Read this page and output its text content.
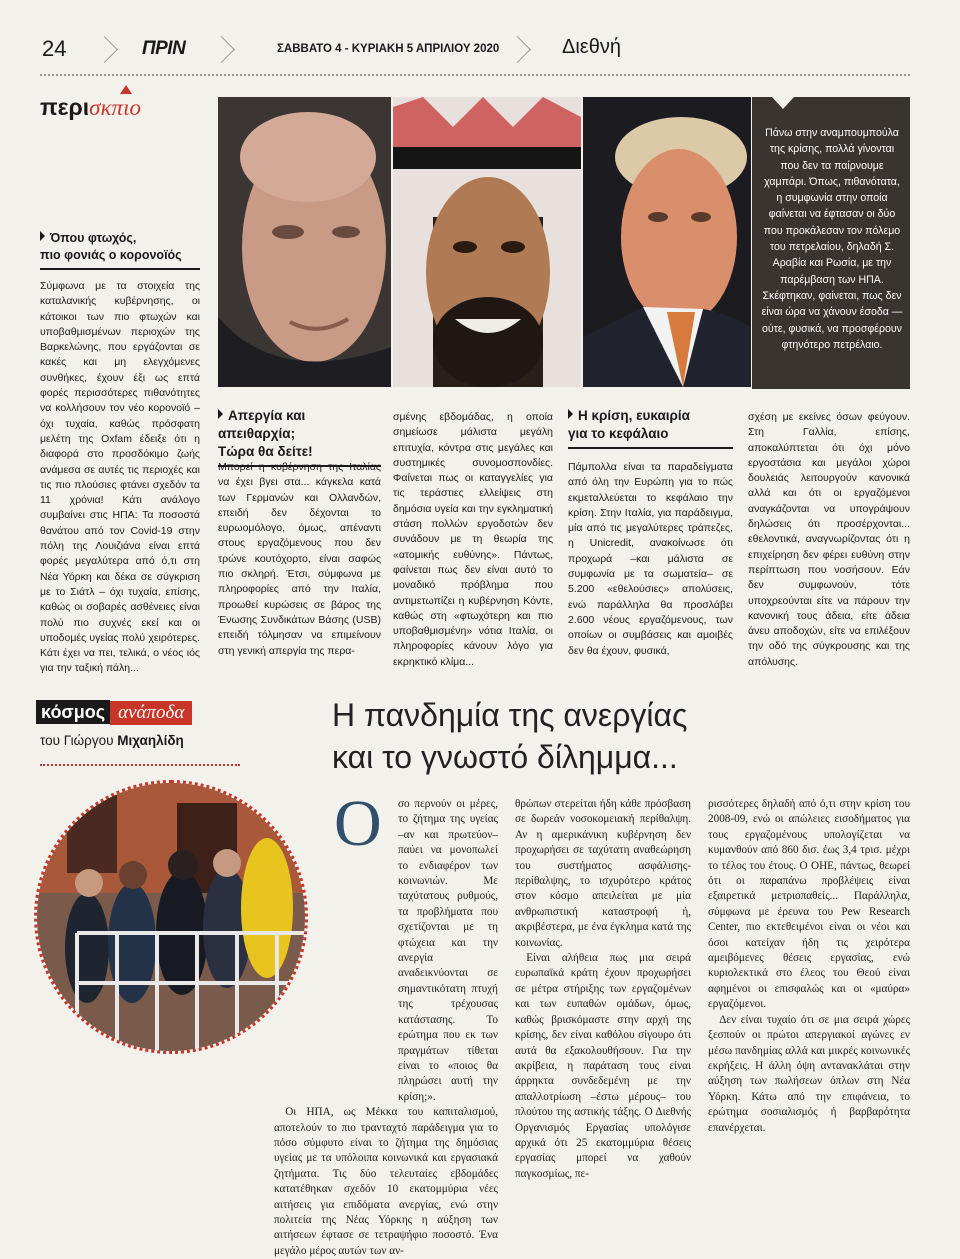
24	ΠΡΙΝ	ΣΑΒΒΑΤΟ 4 - ΚΥΡΙΑΚΗ 5 ΑΠΡΙΛΙΟΥ 2020	Διεθνή
περισκπιο
Όπου φτωχός,
πιο φονιάς ο κορονοϊός
Σύμφωνα με τα στοιχεία της καταλανικής κυβέρνησης, οι κάτοικοι των πιο φτωχών και υποβαθμισμένων περιοχών της Βαρκελώνης, που εργάζονται σε κακές και μη ελεγχόμενες συνθήκες, έχουν έξι ως επτά φορές περισσότερες πιθανότητες να κολλήσουν τον νέο κορονοϊό – όχι τυχαία, καθώς πρόσφατη μελέτη της Oxfam έδειξε ότι η διαφορά στο προσδόκιμο ζωής ανάμεσα σε αυτές τις περιοχές και τις πιο πλούσιες φτάνει σχεδόν τα 11 χρόνια! Κάτι ανάλογο συμβαίνει στις ΗΠΑ: Τα ποσοστά θανάτου από τον Covid-19 στην πόλη της Λουιζιάνα είναι επτά φορές μεγαλύτερα από ό,τι στη Νέα Υόρκη και δέκα σε σύγκριση με το Σιάτλ – όχι τυχαία, επίσης, καθώς οι σοβαρές ασθένειες είναι πολύ πιο συχνές εκεί και οι υποδομές υγείας πολύ χειρότερες. Κάτι έχει να πει, τελικά, ο νέος ιός για την ταξική πάλη...
Πάνω στην αναμπουμπούλα της κρίσης, πολλά γίνονται που δεν τα παίρνουμε χαμπάρι. Όπως, πιθανότατα, η συμφωνία στην οποία φαίνεται να έφτασαν οι δύο που προκάλεσαν τον πόλεμο του πετρελαίου, δηλαδή Σ. Αραβία και Ρωσία, με την παρέμβαση των ΗΠΑ. Σκέφτηκαν, φαίνεται, πως δεν είναι ώρα να χάνουν έσοδα — ούτε, φυσικά, να προσφέρουν φτηνότερο πετρέλαιο.
Απεργία και απειθαρχία;
Τώρα θα δείτε!
Μπορεί η κυβέρνηση της Ιταλίας να έχει βγει στα... κάγκελα κατά των Γερμανών και Ολλανδών, επειδή δεν δέχονται το ευρωομόλογο, όμως, απέναντι στους εργαζόμενους που δεν τρώνε κουτόχορτο, είναι σαφώς πιο σκληρή. Έτσι, σύμφωνα με πληροφορίες από την Ιταλία, προωθεί κυρώσεις σε βάρος της Ένωσης Συνδικάτων Βάσης (USB) επειδή τόλμησαν να επιμείνουν στη γενική απεργία της περα-
σμένης εβδομάδας, η οποία σημείωσε μάλιστα μεγάλη επιτυχία, κόντρα στις μεγάλες και συστημικές συνομοσπονδίες. Φαίνεται πως οι καταγγελίες για τις τεράστιες ελλείψεις στη δημόσια υγεία και την εγκληματική στάση πολλών εργοδοτών δεν συνάδουν με τη θεωρία της «ατομικής ευθύνης». Πάντως, φαίνεται πως δεν είναι αυτό το μοναδικό πρόβλημα που αντιμετωπίζει η κυβέρνηση Κόντε, καθώς στη «φτωχότερη και πιο υποβαθμισμένη» νότια Ιταλία, οι πληροφορίες κάνουν λόγο για εκρηκτικό κλίμα...
Η κρίση, ευκαιρία
για το κεφάλαιο
Πάμπολλα είναι τα παραδείγματα από όλη την Ευρώπη για το πώς εκμεταλλεύεται το κεφάλαιο την κρίση. Στην Ιταλία, για παράδειγμα, μία από τις μεγαλύτερες τράπεζες, η Unicredit, ανακοίνωσε ότι προχωρά –και μάλιστα σε συμφωνία με τα σωματεία– σε 5.200 «εθελούσιες» απολύσεις, ενώ παράλληλα θα προσλάβει 2.600 νέους εργαζόμενους, των οποίων οι συμβάσεις και αμοιβές δεν θα έχουν, φυσικά,
σχέση με εκείνες όσων φεύγουν. Στη Γαλλία, επίσης, αποκαλύπτεται ότι όχι μόνο εργοστάσια και μεγάλοι χώροι δουλειάς λειτουργούν κανονικά αλλά και ότι οι εργαζόμενοι αναγκάζονται να υπογράψουν δηλώσεις ότι προσέρχονται... εθελοντικά, αναγνωρίζοντας ότι η επιχείρηση δεν φέρει ευθύνη στην περίπτωση που νοσήσουν. Εάν δεν συμφωνούν, τότε υποχρεούνται είτε να πάρουν την κανονική τους άδεια, είτε άδεια άνευ αποδοχών, είτε να επιλέξουν την οδό της σύγκρουσης και της απόλυσης.
κόσμος ανάποδα
του Γιώργου Μιχαηλίδη
Η πανδημία της ανεργίας
και το γνωστό δίλημμα...
Ο	σο περνούν οι μέρες, το ζήτημα της υγείας –αν και πρωτεύον– παύει να μονοπωλεί το ενδιαφέρον των κοινωνιών. Με ταχύτατους ρυθμούς, τα προβλήματα που σχετίζονται με τη φτώχεια και την ανεργία αναδεικνύονται σε σημαντικότατη πτυχή της τρέχουσας κατάστασης. Το ερώτημα που εκ των πραγμάτων τίθεται είναι το «ποιος θα πληρώσει αυτή την κρίση;».
Οι ΗΠΑ, ως Μέκκα του καπιταλισμού, αποτελούν το πιο τρανταχτό παράδειγμα για το πόσο σύμφυτο είναι το ζήτημα της δημόσιας υγείας με τα υπόλοιπα κοινωνικά και εργασιακά ζητήματα. Τις δύο τελευταίες εβδομάδες κατατέθηκαν σχεδόν 10 εκατομμύρια νέες αιτήσεις για επιδόματα ανεργίας, ενώ στην πολιτεία της Νέας Υόρκης η αύξηση των αιτήσεων έφτασε σε τετραψήφιο ποσοστό. Ένα μεγάλο μέρος αυτών των αν-
θρώπων στερείται ήδη κάθε πρόσβαση σε δωρεάν νοσοκομειακή περίθαλψη. Αν η αμερικάνικη κυβέρνηση δεν προχωρήσει σε ταχύτατη αναθεώρηση του συστήματος ασφάλισης-περίθαλψης, το ισχυρότερο κράτος στον κόσμο απειλείται με μία ανθρωπιστική καταστροφή ή, ακριβέστερα, με ένα έγκλημα κατά της κοινωνίας.
Είναι αλήθεια πως μια σειρά ευρωπαϊκά κράτη έχουν προχωρήσει σε μέτρα στήριξης των εργαζομένων και των ευπαθών ομάδων, όμως, καθώς βρισκόμαστε στην αρχή της κρίσης, δεν είναι καθόλου σίγουρο ότι αυτά θα εξακολουθήσουν. Για την ακρίβεια, η παράταση τους είναι άρρηκτα συνδεδεμένη με την απαλλοτρίωση –έστω μέρους– του πλούτου της αστικής τάξης. Ο Διεθνής Οργανισμός Εργασίας υπολόγισε αρχικά ότι 25 εκατομμύρια θέσεις εργασίας μπορεί να χαθούν παγκοσμίως, πε-
ρισσότερες δηλαδή από ό,τι στην κρίση του 2008-09, ενώ οι απώλειες εισοδήματος για τους εργαζομένους υπολογίζεται να κυμανθούν από 860 δισ. έως 3,4 τρισ. μέχρι το τέλος του έτους. Ο ΟΗΕ, πάντως, θεωρεί ότι οι παραπάνω προβλέψεις είναι εξαιρετικά μετριοπαθείς... Παράλληλα, σύμφωνα με έρευνα του Pew Research Center, πιο εκτεθειμένοι είναι οι νέοι και όσοι κατείχαν ήδη τις χειρότερα αμειβόμενες θέσεις εργασίας, ενώ κυριολεκτικά στο έλεος του Θεού είναι αφημένοι οι επισφαλώς και οι «μαύρα» εργαζόμενοι.
Δεν είναι τυχαίο ότι σε μια σειρά χώρες ξεσπούν οι πρώτοι απεργιακοί αγώνες εν μέσω πανδημίας αλλά και μικρές κοινωνικές εκρήξεις. Η άλλη όψη αντανακλάται στην αύξηση των πωλήσεων όπλων στη Νέα Υόρκη. Κάτω από την επιφάνεια, το ερώτημα σοσιαλισμός ή βαρβαρότητα επανέρχεται.
